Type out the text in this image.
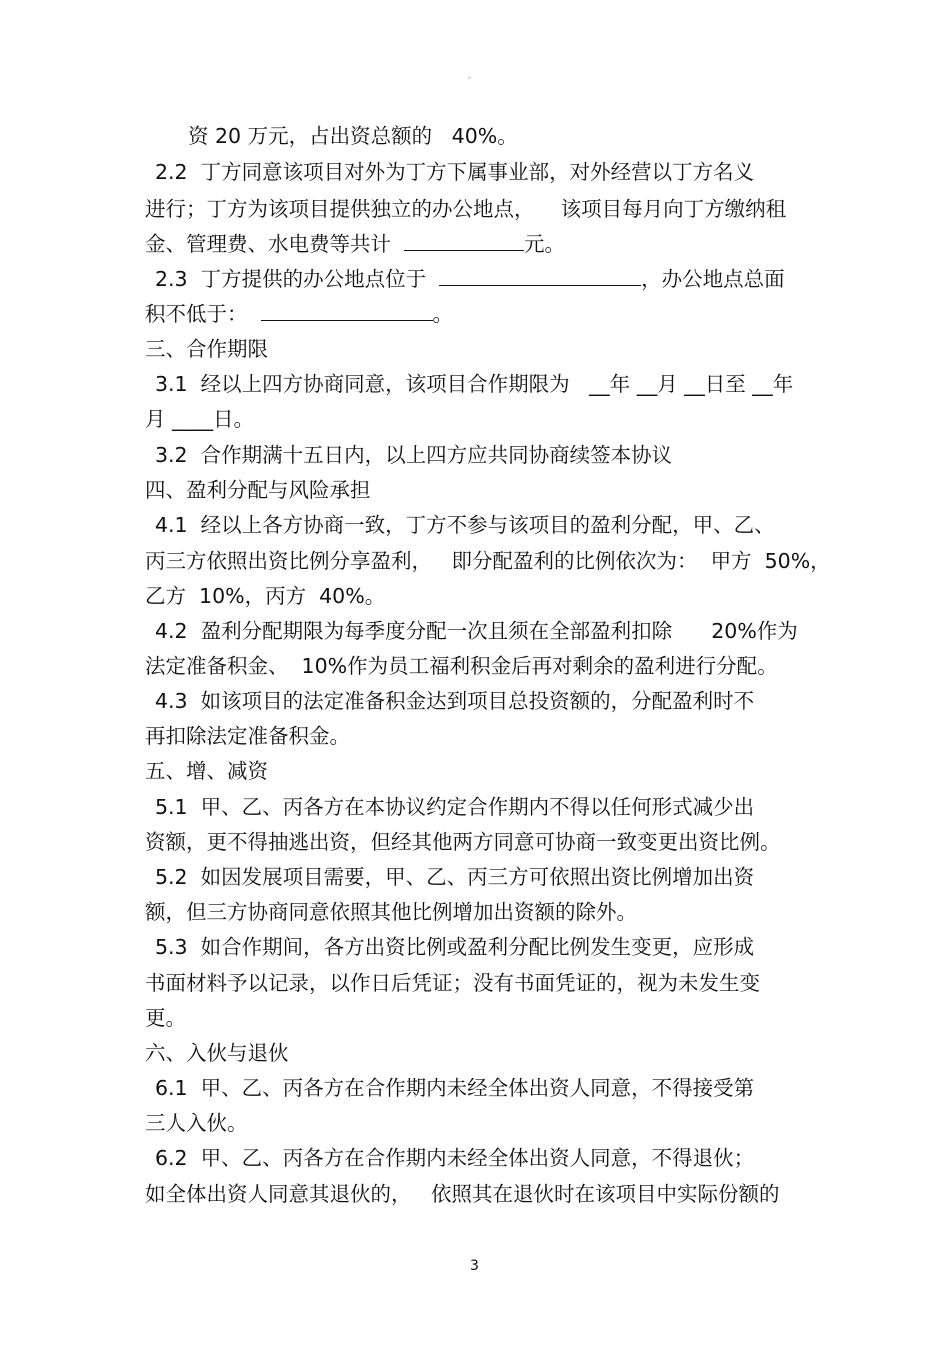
。
资 20 万元，占出资总额的   40%。
2.2  丁方同意该项目对外为丁方下属事业部，对外经营以丁方名义
进行；丁方为该项目提供独立的办公地点，    该项目每月向丁方缴纳租
金、管理费、水电费等共计	元。
2.3  丁方提供的办公地点位于	，办公地点总面
积不低于：	。
三、合作期限
3.1  经以上四方协商同意，该项目合作期限为   __年 __月 __日至 __年
月 ____日。
3.2  合作期满十五日内，以上四方应共同协商续签本协议
四、盈利分配与风险承担
4.1  经以上各方协商一致，丁方不参与该项目的盈利分配，甲、乙、
丙三方依照出资比例分享盈利，   即分配盈利的比例依次为：  甲方  50%，
乙方  10%，丙方  40%。
4.2  盈利分配期限为每季度分配一次且须在全部盈利扣除      20%作为
法定准备积金、  10%作为员工福利积金后再对剩余的盈利进行分配。
4.3  如该项目的法定准备积金达到项目总投资额的，分配盈利时不
再扣除法定准备积金。
五、增、减资
5.1  甲、乙、丙各方在本协议约定合作期内不得以任何形式减少出
资额，更不得抽逃出资，但经其他两方同意可协商一致变更出资比例。
5.2  如因发展项目需要，甲、乙、丙三方可依照出资比例增加出资
额，但三方协商同意依照其他比例增加出资额的除外。
5.3  如合作期间，各方出资比例或盈利分配比例发生变更，应形成
书面材料予以记录，以作日后凭证；没有书面凭证的，视为未发生变
更。
六、入伙与退伙
6.1  甲、乙、丙各方在合作期内未经全体出资人同意，不得接受第
三人入伙。
6.2  甲、乙、丙各方在合作期内未经全体出资人同意，不得退伙；
如全体出资人同意其退伙的，   依照其在退伙时在该项目中实际份额的
3
